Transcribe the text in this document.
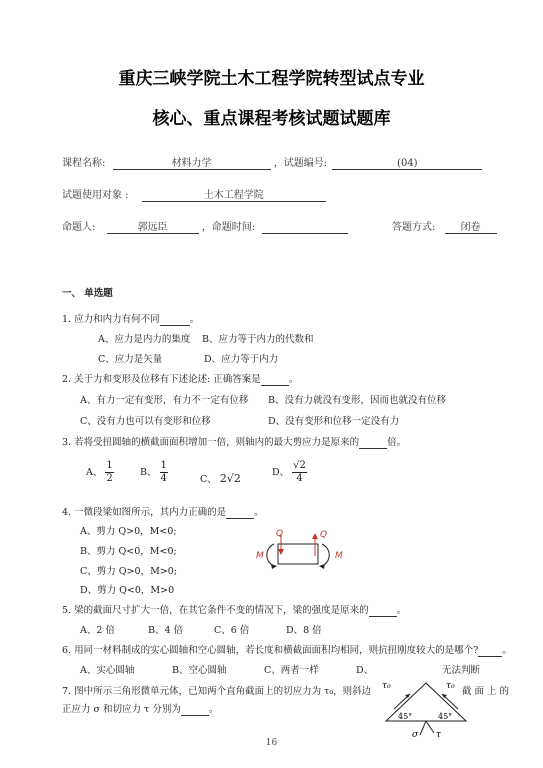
重庆三峡学院土木工程学院转型试点专业
核心、重点课程考核试题试题库
课程名称:	材料力学	，试题编号:	(04)
试题使用对象 :	土木工程学院
命题人:	郭远臣	，命题时间:	答题方式:	闭卷
一、 单选题
1. 应力和内力有何不同	。
A、应力是内力的集度 B、应力等于内力的代数和
C、应力是矢量	D、应力等于内力
2. 关于力和变形及位移有下述论述: 正确答案是	。
A、有力一定有变形，有力不一定有位移 B、没有力就没有变形，因而也就没有位移
C、没有力也可以有变形和位移	D、没有变形和位移一定没有力
3. 若将受扭圆轴的横截面面积增加一倍，则轴内的最大剪应力是原来的	倍。
A、 $\frac{1}{2}$	B、 $\frac{1}{4}$	C、 2√2	D、 $\frac{√2}{4}$
4. 一微段梁如图所示，其内力正确的是	。
A、剪力 Q>0，M<0;
B、剪力 Q<0，M<0;
C、剪力 Q>0，M>0;
D、剪力 Q<0，M>0
Q	Q
M	M
5. 梁的截面尺寸扩大一倍，在其它条件不变的情况下，梁的强度是原来的	。
A、2 倍	B、4 倍	C、6 倍	D、8 倍
6. 用同一材料制成的实心圆轴和空心圆轴，若长度和横截面面积均相同，则抗扭刚度较大的是哪个?	。
A、实心圆轴	B、空心圆轴	C、两者一样	D、	无法判断
7. 图中所示三角形微单元体，已知两个直角截面上的切应力为 τ₀，则斜边	截 面 上 的
正应力 σ 和切应力 τ 分别为	。
τ₀	τ₀
45°	45°
σ τ
16
